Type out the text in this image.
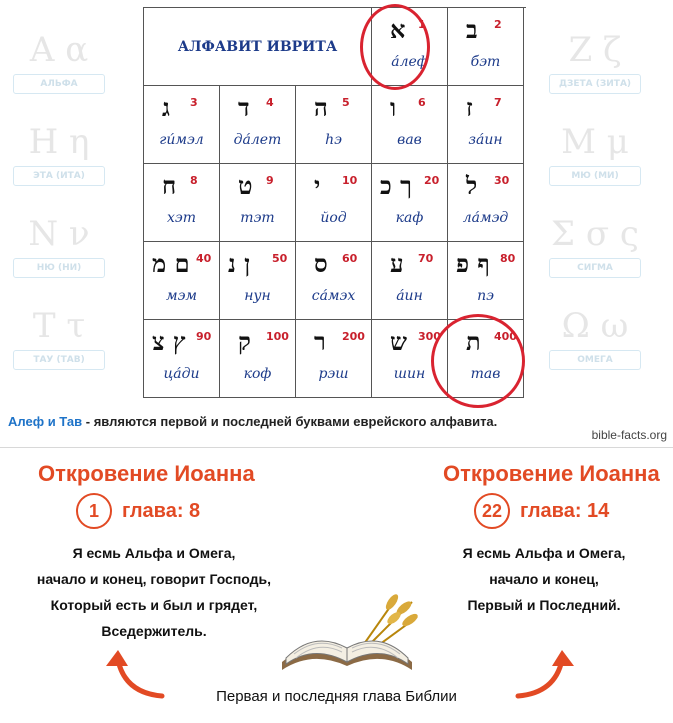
Α α
АЛЬФА
Η η
ЭТА (ИТА)
Ν ν
НЮ (НИ)
Τ τ
ТАУ (ТАВ)
Ζ ζ
ДЗЕТА (ЗИТА)
Μ μ
МЮ (МИ)
Σ σ ς
СИГМА
Ω ω
ОМЕГА
АЛФАВИТ ИВРИТА
א 1
а́леф
ב 2
бэт
ג 3
ги́мэл
ד 4
да́лет
ה 5
hэ
ו 6
вав
ז 7
за́ин
ח 8
хэт
ט 9
тэт
י 10
йод
ך כ 20
каф
ל 30
ла́мэд
ם מ 40
мэм
ן נ 50
нун
ס 60
са́мэх
ע 70
а́ин
ף פ 80
пэ
ץ צ 90
ца́ди
ק 100
коф
ר 200
рэш
ש 300
шин
ת 400
тав
Алеф и Тав - являются первой и последней буквами еврейского алфавита.
bible-facts.org
Откровение Иоанна
1	глава: 8
Я есмь Альфа и Омега,
начало и конец, говорит Господь,
Который есть и был и грядет,
Вседержитель.
Откровение Иоанна
22 глава: 14
Я есмь Альфа и Омега,
начало и конец,
Первый и Последний.
Первая и последняя глава Библии
